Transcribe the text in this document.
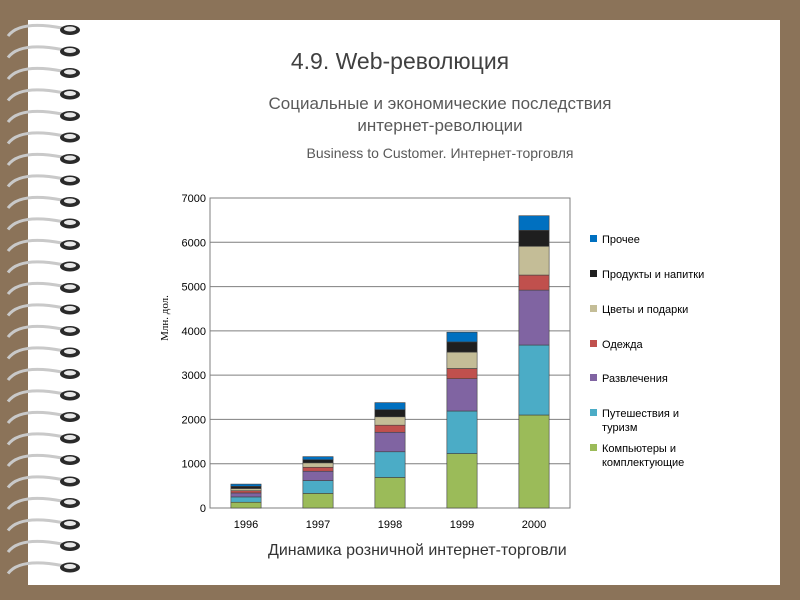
4.9. Web-революция
Социальные и экономические последствия
интернет-революции
Business to Customer. Интернет-торговля
0
1000
2000
3000
4000
5000
6000
7000
Млн. дол.
1996	1997	1998	1999	2000
Прочее
Продукты и напитки
Цветы и подарки
Одежда
Развлечения
Путешествия и туризм
Компьютеры и комплектующие
Динамика розничной интернет-торговли
